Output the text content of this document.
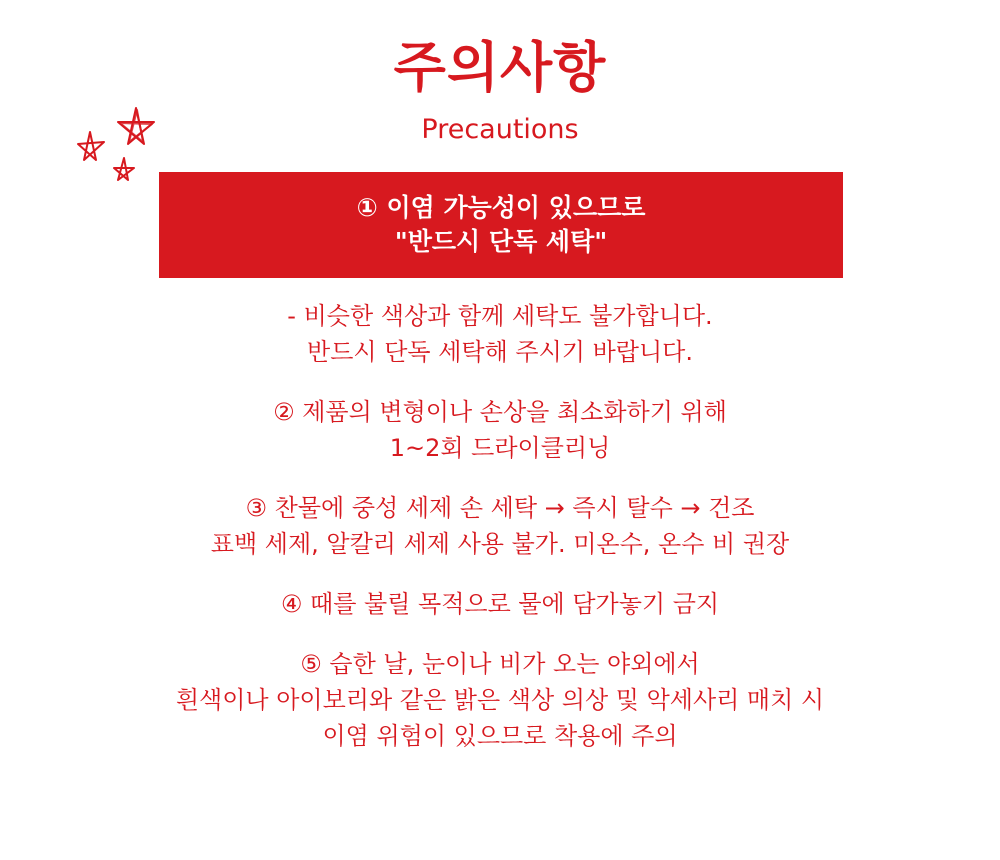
주의사항
Precautions
① 이염 가능성이 있으므로
"반드시 단독 세탁"
- 비슷한 색상과 함께 세탁도 불가합니다.
반드시 단독 세탁해 주시기 바랍니다.
② 제품의 변형이나 손상을 최소화하기 위해
1~2회 드라이클리닝
③ 찬물에 중성 세제 손 세탁 → 즉시 탈수 → 건조
표백 세제, 알칼리 세제 사용 불가. 미온수, 온수 비 권장
④ 때를 불릴 목적으로 물에 담가놓기 금지
⑤ 습한 날, 눈이나 비가 오는 야외에서
흰색이나 아이보리와 같은 밝은 색상 의상 및 악세사리 매치 시
이염 위험이 있으므로 착용에 주의
